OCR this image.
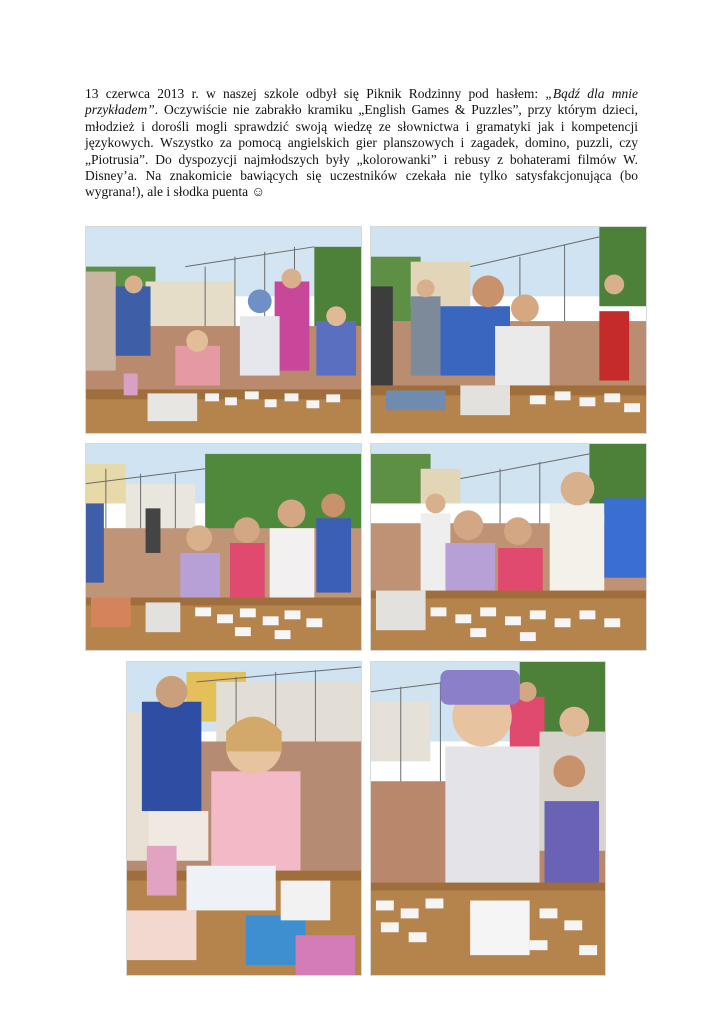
13 czerwca 2013 r. w naszej szkole odbył się Piknik Rodzinny pod hasłem: „Bądź dla mnie przykładem”. Oczywiście nie zabrakło kramiku „English Games & Puzzles”, przy którym dzieci, młodzież i dorośli mogli sprawdzić swoją wiedzę ze słownictwa i gramatyki jak i kompetencji językowych. Wszystko za pomocą angielskich gier planszowych i zagadek, domino, puzzli, czy „Piotrusia”. Do dyspozycji najmłodszych były „kolorowanki” i rebusy z bohaterami filmów W. Disney’a. Na znakomicie bawiących się uczestników czekała nie tylko satysfakcjonująca (bo wygrana!), ale i słodka puenta ☺
